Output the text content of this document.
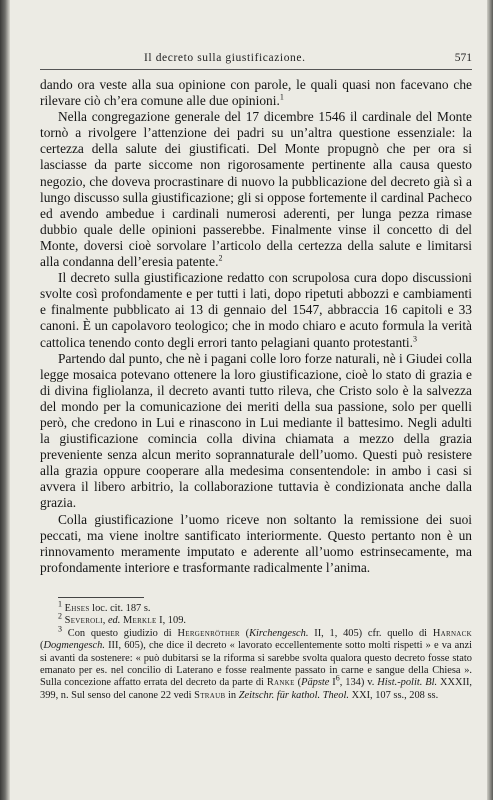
Il decreto sulla giustificazione.	571

dando ora veste alla sua opinione con parole, le quali quasi non facevano che rilevare ciò ch’era comune alle due opinioni.$^1$

Nella congregazione generale del 17 dicembre 1546 il cardinale del Monte tornò a rivolgere l’attenzione dei padri su un’altra questione essenziale: la certezza della salute dei giustificati. Del Monte propugnò che per ora si lasciasse da parte siccome non rigorosamente pertinente alla causa questo negozio, che doveva procrastinare di nuovo la pubblicazione del decreto già sì a lungo discusso sulla giustificazione; gli si oppose fortemente il cardinal Pacheco ed avendo ambedue i cardinali numerosi aderenti, per lunga pezza rimase dubbio quale delle opinioni passerebbe. Finalmente vinse il concetto di del Monte, doversi cioè sorvolare l’articolo della certezza della salute e limitarsi alla condanna dell’eresia patente.$^2$

Il decreto sulla giustificazione redatto con scrupolosa cura dopo discussioni svolte così profondamente e per tutti i lati, dopo ripetuti abbozzi e cambiamenti e finalmente pubblicato ai 13 di gennaio del 1547, abbraccia 16 capitoli e 33 canoni. È un capolavoro teologico; che in modo chiaro e acuto formula la verità cattolica tenendo conto degli errori tanto pelagiani quanto protestanti.$^3$

Partendo dal punto, che nè i pagani colle loro forze naturali, nè i Giudei colla legge mosaica potevano ottenere la loro giustificazione, cioè lo stato di grazia e di divina figliolanza, il decreto avanti tutto rileva, che Cristo solo è la salvezza del mondo per la comunicazione dei meriti della sua passione, solo per quelli però, che credono in Lui e rinascono in Lui mediante il battesimo. Negli adulti la giustificazione comincia colla divina chiamata a mezzo della grazia preveniente senza alcun merito soprannaturale dell’uomo. Questi può resistere alla grazia oppure cooperare alla medesima consentendole: in ambo i casi si avvera il libero arbitrio, la collaborazione tuttavia è condizionata anche dalla grazia.

Colla giustificazione l’uomo riceve non soltanto la remissione dei suoi peccati, ma viene inoltre santificato interiormente. Questo pertanto non è un rinnovamento meramente imputato e aderente all’uomo estrinsecamente, ma profondamente interiore e trasformante radicalmente l’anima.

$^1$ Ehses loc. cit. 187 s.

$^2$ Severoli, ed. Merkle I, 109.

$^3$ Con questo giudizio di Hergenröther (Kirchengesch. II, 1, 405) cfr. quello di Harnack (Dogmengesch. III, 605), che dice il decreto « lavorato eccellentemente sotto molti rispetti » e va anzi si avanti da sostenere: « può dubitarsi se la riforma si sarebbe svolta qualora questo decreto fosse stato emanato per es. nel concilio di Laterano e fosse realmente passato in carne e sangue della Chiesa ». Sulla concezione affatto errata del decreto da parte di Ranke (Päpste $I^6$, 134) v. Hist.-polit. Bl. XXXII, 399, n. Sul senso del canone 22 vedi Straub in Zeitschr. für kathol. Theol. XXI, 107 ss., 208 ss.
